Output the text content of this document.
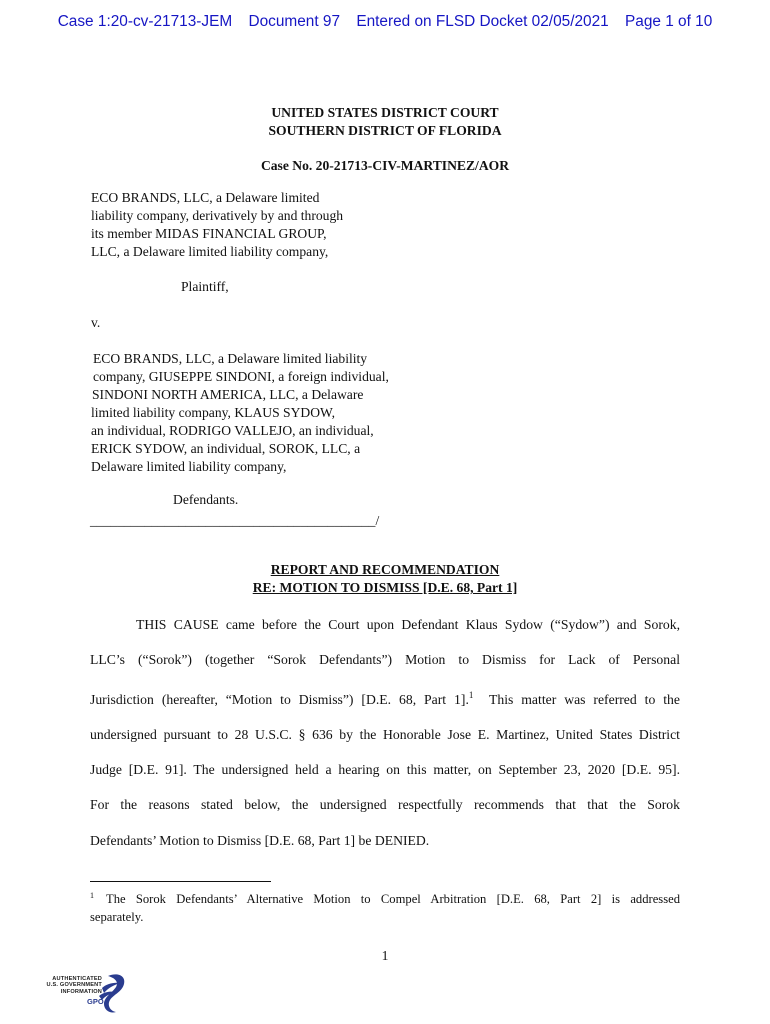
Case 1:20-cv-21713-JEM Document 97 Entered on FLSD Docket 02/05/2021 Page 1 of 10
UNITED STATES DISTRICT COURT
SOUTHERN DISTRICT OF FLORIDA
Case No. 20-21713-CIV-MARTINEZ/AOR
ECO BRANDS, LLC, a Delaware limited
liability company, derivatively by and through
its member MIDAS FINANCIAL GROUP,
LLC, a Delaware limited liability company,
Plaintiff,
v.
ECO BRANDS, LLC, a Delaware limited liability
company, GIUSEPPE SINDONI, a foreign individual,
SINDONI NORTH AMERICA, LLC, a Delaware
limited liability company, KLAUS SYDOW,
an individual, RODRIGO VALLEJO, an individual,
ERICK SYDOW, an individual, SOROK, LLC, a
Delaware limited liability company,
Defendants.
__________________________________________/
REPORT AND RECOMMENDATION
RE: MOTION TO DISMISS [D.E. 68, Part 1]
THIS CAUSE came before the Court upon Defendant Klaus Sydow (“Sydow”) and Sorok,
LLC’s (“Sorok”) (together “Sorok Defendants”) Motion to Dismiss for Lack of Personal
Jurisdiction (hereafter, “Motion to Dismiss”) [D.E. 68, Part 1].$^1$  This matter was referred to the
undersigned pursuant to 28 U.S.C. § 636 by the Honorable Jose E. Martinez, United States District
Judge [D.E. 91]. The undersigned held a hearing on this matter, on September 23, 2020 [D.E. 95].
For the reasons stated below, the undersigned respectfully recommends that that the Sorok
Defendants’ Motion to Dismiss [D.E. 68, Part 1] be DENIED.
$^1$ The Sorok Defendants’ Alternative Motion to Compel Arbitration [D.E. 68, Part 2] is addressed
separately.
1
AUTHENTICATED
U.S. GOVERNMENT
INFORMATION
GPO
